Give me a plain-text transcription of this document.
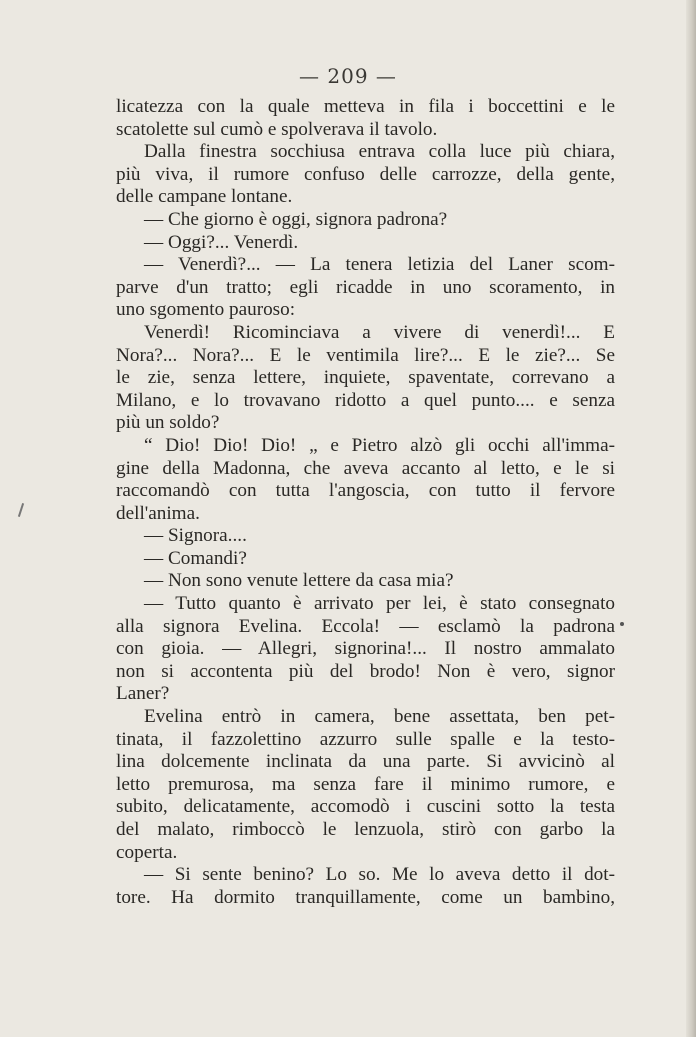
— 209 —
licatezza con la quale metteva in fila i boccettini e le
scatolette sul cumò e spolverava il tavolo.
Dalla finestra socchiusa entrava colla luce più chiara,
più viva, il rumore confuso delle carrozze, della gente,
delle campane lontane.
— Che giorno è oggi, signora padrona?
— Oggi?... Venerdì.
— Venerdì?... — La tenera letizia del Laner scom-
parve d'un tratto; egli ricadde in uno scoramento, in
uno sgomento pauroso:
Venerdì! Ricominciava a vivere di venerdì!... E
Nora?... Nora?... E le ventimila lire?... E le zie?... Se
le zie, senza lettere, inquiete, spaventate, correvano a
Milano, e lo trovavano ridotto a quel punto.... e senza
più un soldo?
“ Dio! Dio! Dio! „ e Pietro alzò gli occhi all'imma-
gine della Madonna, che aveva accanto al letto, e le si
raccomandò con tutta l'angoscia, con tutto il fervore
dell'anima.
— Signora....
— Comandi?
— Non sono venute lettere da casa mia?
— Tutto quanto è arrivato per lei, è stato consegnato
alla signora Evelina. Eccola! — esclamò la padrona
con gioia. — Allegri, signorina!... Il nostro ammalato
non si accontenta più del brodo! Non è vero, signor
Laner?
Evelina entrò in camera, bene assettata, ben pet-
tinata, il fazzolettino azzurro sulle spalle e la testo-
lina dolcemente inclinata da una parte. Si avvicinò al
letto premurosa, ma senza fare il minimo rumore, e
subito, delicatamente, accomodò i cuscini sotto la testa
del malato, rimboccò le lenzuola, stirò con garbo la
coperta.
— Si sente benino? Lo so. Me lo aveva detto il dot-
tore. Ha dormito tranquillamente, come un bambino,
